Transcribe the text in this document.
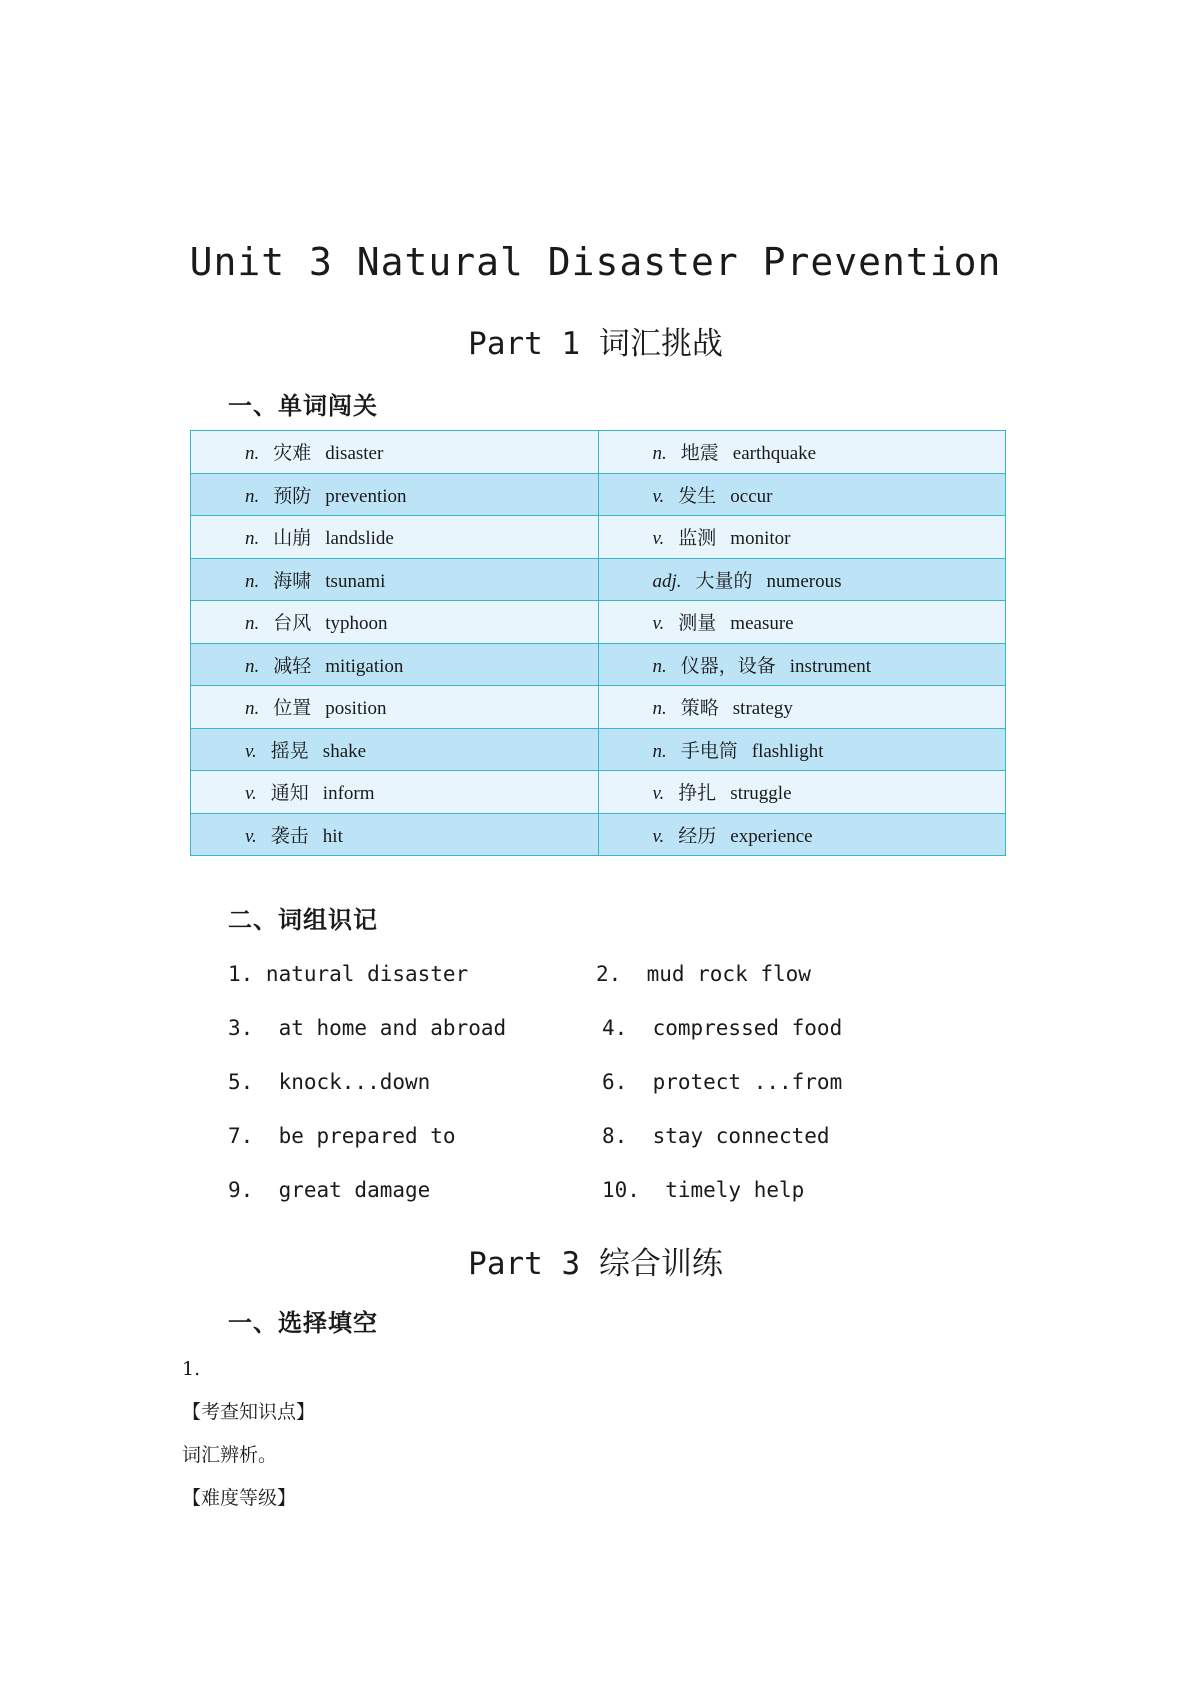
Unit 3 Natural Disaster Prevention
Part 1 词汇挑战
一、单词闯关
n. 灾难 disaster	n. 地震 earthquake
n. 预防 prevention	v. 发生 occur
n. 山崩 landslide	v. 监测 monitor
n. 海啸 tsunami	adj. 大量的 numerous
n. 台风 typhoon	v. 测量 measure
n. 减轻 mitigation	n. 仪器，设备 instrument
n. 位置 position	n. 策略 strategy
v. 摇晃 shake	n. 手电筒 flashlight
v. 通知 inform	v. 挣扎 struggle
v. 袭击 hit	v. 经历 experience
二、词组识记
1. natural disaster	2.  mud rock flow
3.  at home and abroad	4.  compressed food
5.  knock...down	6.  protect ...from
7.  be prepared to	8.  stay connected
9.  great damage	10.  timely help
Part 3 综合训练
一、选择填空
1.
【考查知识点】
词汇辨析。
【难度等级】
